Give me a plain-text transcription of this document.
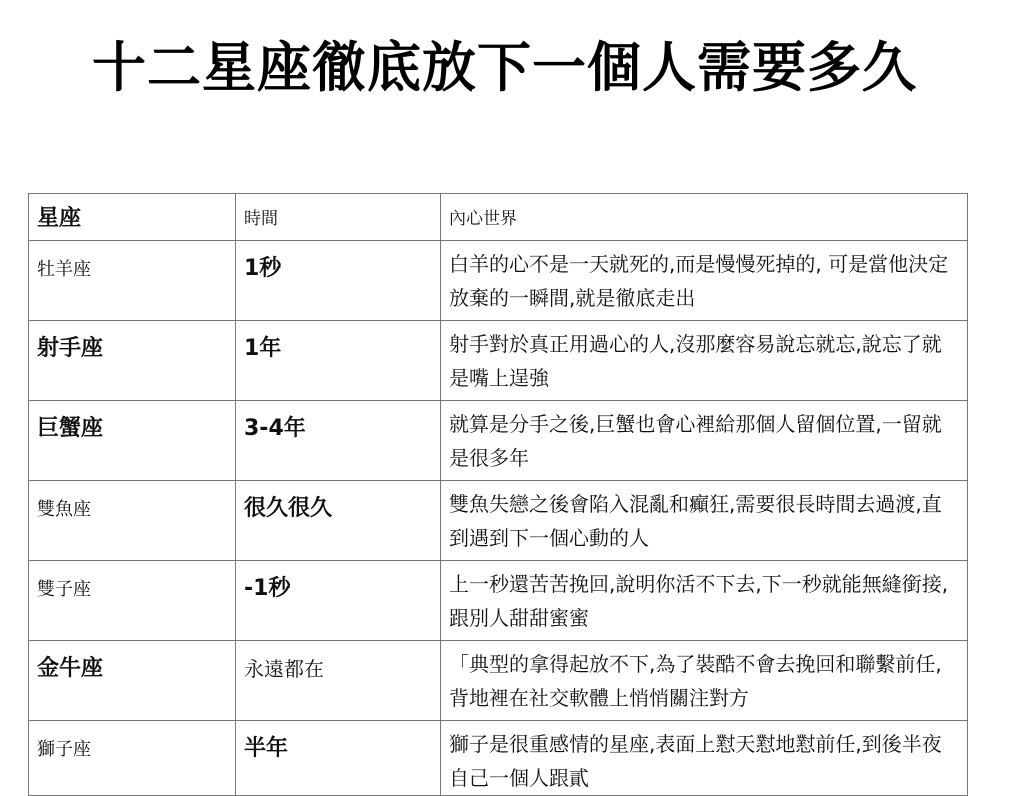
十二星座徹底放下一個人需要多久
星座	時間	內心世界

牡羊座	1秒	白羊的心不是一天就死的,而是慢慢死掉的, 可是當他決定放棄的一瞬間,就是徹底走出

射手座	1年	射手對於真正用過心的人,沒那麼容易說忘就忘,說忘了就是嘴上逞強

巨蟹座	3-4年	就算是分手之後,巨蟹也會心裡給那個人留個位置,一留就是很多年

雙魚座	很久很久	雙魚失戀之後會陷入混亂和癲狂,需要很長時間去過渡,直到遇到下一個心動的人

雙子座	-1秒	上一秒還苦苦挽回,說明你活不下去,下一秒就能無縫銜接,跟別人甜甜蜜蜜

金牛座	永遠都在	「典型的拿得起放不下,為了裝酷不會去挽回和聯繫前任,背地裡在社交軟體上悄悄關注對方

獅子座	半年	獅子是很重感情的星座,表面上懟天懟地懟前任,到後半夜自己一個人跟貳
